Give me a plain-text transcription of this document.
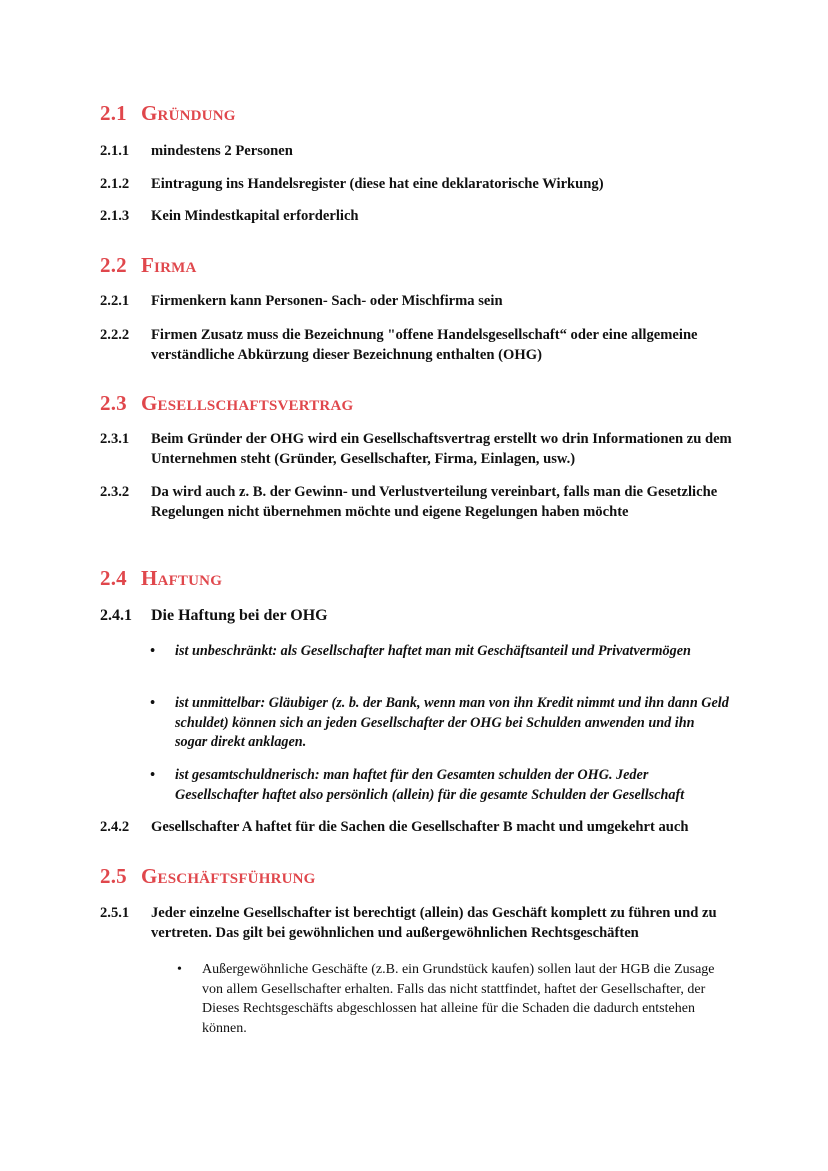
2.1 Gründung
2.1.1 mindestens 2 Personen
2.1.2 Eintragung ins Handelsregister (diese hat eine deklaratorische Wirkung)
2.1.3 Kein Mindestkapital erforderlich
2.2 Firma
2.2.1 Firmenkern kann Personen- Sach- oder Mischfirma sein
2.2.2 Firmen Zusatz muss die Bezeichnung "offene Handelsgesellschaft“ oder eine allgemeine verständliche Abkürzung dieser Bezeichnung enthalten (OHG)
2.3 Gesellschaftsvertrag
2.3.1 Beim Gründer der OHG wird ein Gesellschaftsvertrag erstellt wo drin Informationen zu dem Unternehmen steht (Gründer, Gesellschafter, Firma, Einlagen, usw.)
2.3.2 Da wird auch z. B. der Gewinn- und Verlustverteilung vereinbart, falls man die Gesetzliche Regelungen nicht übernehmen möchte und eigene Regelungen haben möchte
2.4 Haftung
2.4.1 Die Haftung bei der OHG
• ist unbeschränkt: als Gesellschafter haftet man mit Geschäftsanteil und Privatvermögen
• ist unmittelbar: Gläubiger (z. b. der Bank, wenn man von ihn Kredit nimmt und ihn dann Geld schuldet) können sich an jeden Gesellschafter der OHG bei Schulden anwenden und ihn sogar direkt anklagen.
• ist gesamtschuldnerisch: man haftet für den Gesamten schulden der OHG. Jeder Gesellschafter haftet also persönlich (allein) für die gesamte Schulden der Gesellschaft
2.4.2 Gesellschafter A haftet für die Sachen die Gesellschafter B macht und umgekehrt auch
2.5 Geschäftsführung
2.5.1 Jeder einzelne Gesellschafter ist berechtigt (allein) das Geschäft komplett zu führen und zu vertreten. Das gilt bei gewöhnlichen und außergewöhnlichen Rechtsgeschäften
• Außergewöhnliche Geschäfte (z.B. ein Grundstück kaufen) sollen laut der HGB die Zusage von allem Gesellschafter erhalten. Falls das nicht stattfindet, haftet der Gesellschafter, der Dieses Rechtsgeschäfts abgeschlossen hat alleine für die Schaden die dadurch entstehen können.
